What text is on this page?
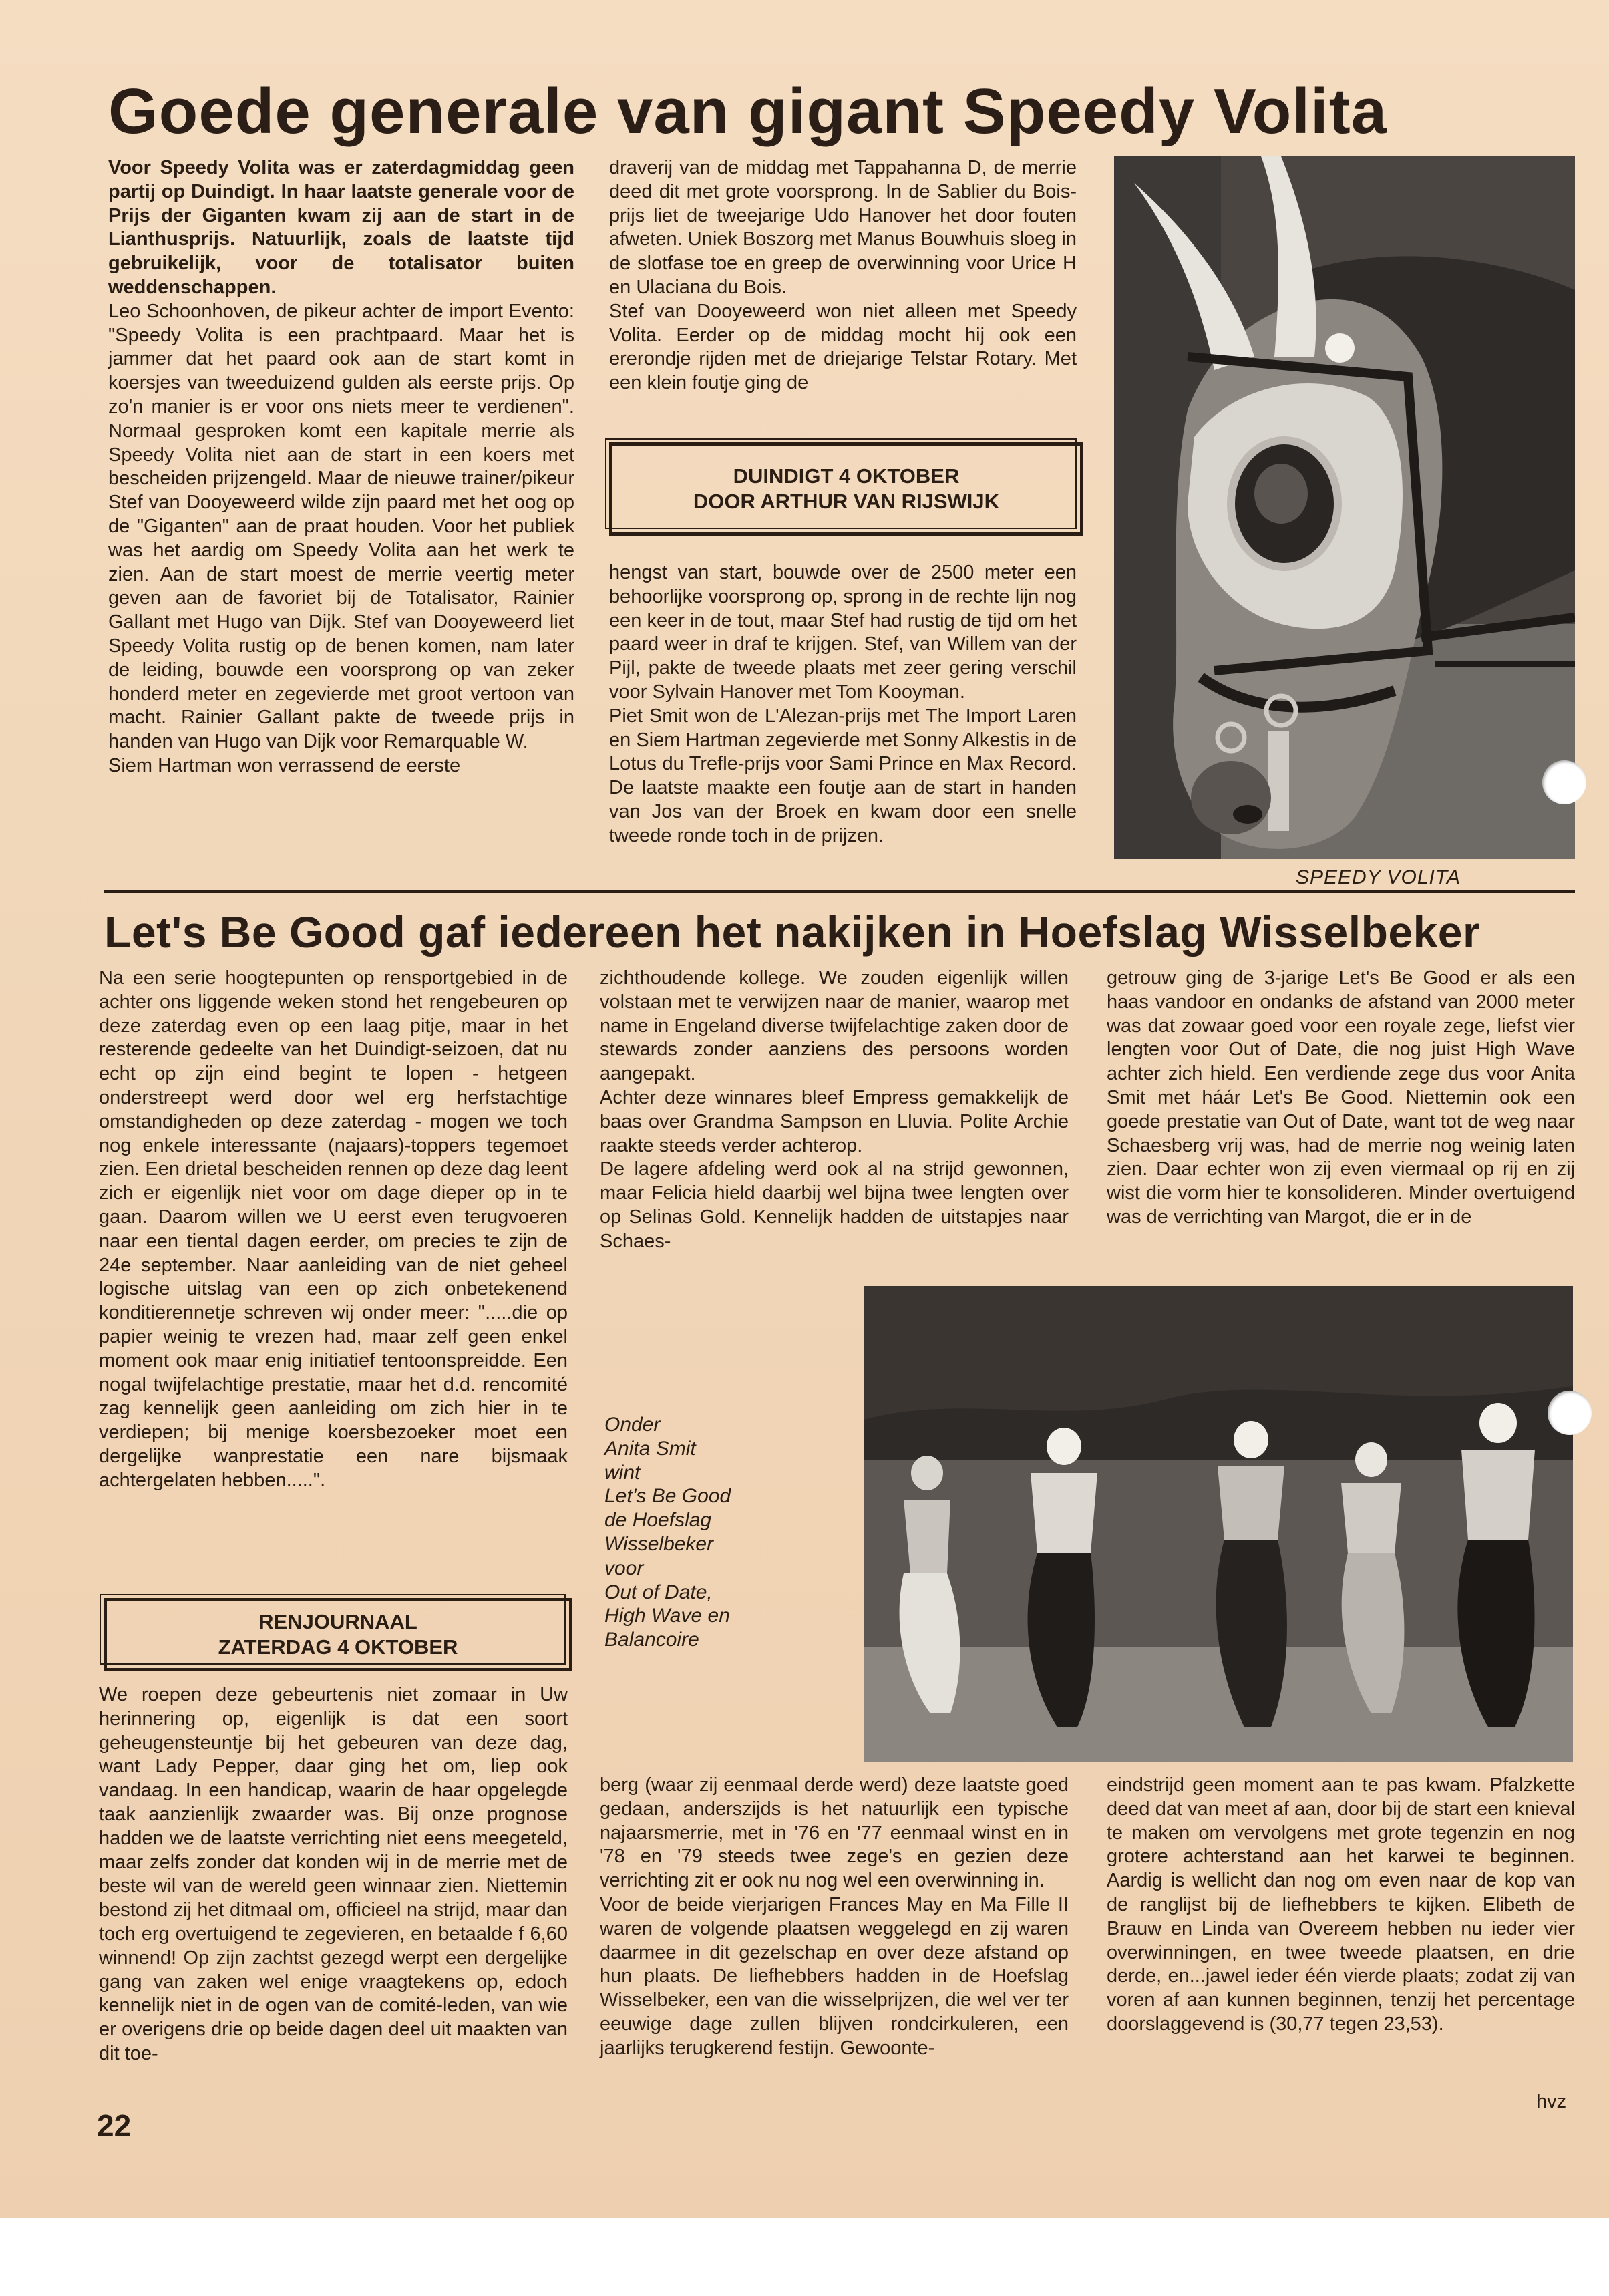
Goede generale van gigant Speedy Volita

Voor Speedy Volita was er zaterdagmiddag geen partij op Duindigt. In haar laatste generale voor de Prijs der Giganten kwam zij aan de start in de Lianthusprijs. Natuurlijk, zoals de laatste tijd gebruikelijk, voor de totalisator buiten weddenschappen.

Leo Schoonhoven, de pikeur achter de import Evento: "Speedy Volita is een prachtpaard. Maar het is jammer dat het paard ook aan de start komt in koersjes van tweeduizend gulden als eerste prijs. Op zo'n manier is er voor ons niets meer te verdienen". Normaal gesproken komt een kapitale merrie als Speedy Volita niet aan de start in een koers met bescheiden prijzengeld. Maar de nieuwe trainer/pikeur Stef van Dooyeweerd wilde zijn paard met het oog op de "Giganten" aan de praat houden. Voor het publiek was het aardig om Speedy Volita aan het werk te zien. Aan de start moest de merrie veertig meter geven aan de favoriet bij de Totalisator, Rainier Gallant met Hugo van Dijk. Stef van Dooyeweerd liet Speedy Volita rustig op de benen komen, nam later de leiding, bouwde een voorsprong op van zeker honderd meter en zegevierde met groot vertoon van macht. Rainier Gallant pakte de tweede prijs in handen van Hugo van Dijk voor Remarquable W.

Siem Hartman won verrassend de eerste

draverij van de middag met Tappahanna D, de merrie deed dit met grote voorsprong. In de Sablier du Bois-prijs liet de tweejarige Udo Hanover het door fouten afweten. Uniek Boszorg met Manus Bouwhuis sloeg in de slotfase toe en greep de overwinning voor Urice H en Ulaciana du Bois.

Stef van Dooyeweerd won niet alleen met Speedy Volita. Eerder op de middag mocht hij ook een ererondje rijden met de driejarige Telstar Rotary. Met een klein foutje ging de

DUINDIGT 4 OKTOBER
DOOR ARTHUR VAN RIJSWIJK

hengst van start, bouwde over de 2500 meter een behoorlijke voorsprong op, sprong in de rechte lijn nog een keer in de tout, maar Stef had rustig de tijd om het paard weer in draf te krijgen. Stef, van Willem van der Pijl, pakte de tweede plaats met zeer gering verschil voor Sylvain Hanover met Tom Kooyman.

Piet Smit won de L'Alezan-prijs met The Import Laren en Siem Hartman zegevierde met Sonny Alkestis in de Lotus du Trefle-prijs voor Sami Prince en Max Record. De laatste maakte een foutje aan de start in handen van Jos van der Broek en kwam door een snelle tweede ronde toch in de prijzen.

SPEEDY VOLITA
Let's Be Good gaf iedereen het nakijken in Hoefslag Wisselbeker

Na een serie hoogtepunten op rensportgebied in de achter ons liggende weken stond het rengebeuren op deze zaterdag even op een laag pitje, maar in het resterende gedeelte van het Duindigt-seizoen, dat nu echt op zijn eind begint te lopen - hetgeen onderstreept werd door wel erg herfstachtige omstandigheden op deze zaterdag - mogen we toch nog enkele interessante (najaars)-toppers tegemoet zien. Een drietal bescheiden rennen op deze dag leent zich er eigenlijk niet voor om dage dieper op in te gaan. Daarom willen we U eerst even terugvoeren naar een tiental dagen eerder, om precies te zijn de 24e september. Naar aanleiding van de niet geheel logische uitslag van een op zich onbetekenend konditierennetje schreven wij onder meer: ".....die op papier weinig te vrezen had, maar zelf geen enkel moment ook maar enig initiatief tentoonspreidde. Een nogal twijfelachtige prestatie, maar het d.d. rencomité zag kennelijk geen aanleiding om zich hier in te verdiepen; bij menige koersbezoeker moet een dergelijke wanprestatie een nare bijsmaak achtergelaten hebben.....".

RENJOURNAAL
ZATERDAG 4 OKTOBER

We roepen deze gebeurtenis niet zomaar in Uw herinnering op, eigenlijk is dat een soort geheugensteuntje bij het gebeuren van deze dag, want Lady Pepper, daar ging het om, liep ook vandaag. In een handicap, waarin de haar opgelegde taak aanzienlijk zwaarder was. Bij onze prognose hadden we de laatste verrichting niet eens meegeteld, maar zelfs zonder dat konden wij in de merrie met de beste wil van de wereld geen winnaar zien. Niettemin bestond zij het ditmaal om, officieel na strijd, maar dan toch erg overtuigend te zegevieren, en betaalde f 6,60 winnend! Op zijn zachtst gezegd werpt een dergelijke gang van zaken wel enige vraagtekens op, edoch kennelijk niet in de ogen van de comité-leden, van wie er overigens drie op beide dagen deel uit maakten van dit toe-

zichthoudende kollege. We zouden eigenlijk willen volstaan met te verwijzen naar de manier, waarop met name in Engeland diverse twijfelachtige zaken door de stewards zonder aanziens des persoons worden aangepakt.

Achter deze winnares bleef Empress gemakkelijk de baas over Grandma Sampson en Lluvia. Polite Archie raakte steeds verder achterop.

De lagere afdeling werd ook al na strijd gewonnen, maar Felicia hield daarbij wel bijna twee lengten over op Selinas Gold. Kennelijk hadden de uitstapjes naar Schaes-

getrouw ging de 3-jarige Let's Be Good er als een haas vandoor en ondanks de afstand van 2000 meter was dat zowaar goed voor een royale zege, liefst vier lengten voor Out of Date, die nog juist High Wave achter zich hield. Een verdiende zege dus voor Anita Smit met háár Let's Be Good. Niettemin ook een goede prestatie van Out of Date, want tot de weg naar Schaesberg vrij was, had de merrie nog weinig laten zien. Daar echter won zij even viermaal op rij en zij wist die vorm hier te konsolideren. Minder overtuigend was de verrichting van Margot, die er in de

Onder

Anita Smit

wint

Let's Be Good

de Hoefslag

Wisselbeker

voor

Out of Date,

High Wave en

Balancoire

berg (waar zij eenmaal derde werd) deze laatste goed gedaan, anderszijds is het natuurlijk een typische najaarsmerrie, met in '76 en '77 eenmaal winst en in '78 en '79 steeds twee zege's en gezien deze verrichting zit er ook nu nog wel een overwinning in.

Voor de beide vierjarigen Frances May en Ma Fille II waren de volgende plaatsen weggelegd en zij waren daarmee in dit gezelschap en over deze afstand op hun plaats. De liefhebbers hadden in de Hoefslag Wisselbeker, een van die wisselprijzen, die wel ver ter eeuwige dage zullen blijven rondcirkuleren, een jaarlijks terugkerend festijn. Gewoonte-

eindstrijd geen moment aan te pas kwam. Pfalzkette deed dat van meet af aan, door bij de start een knieval te maken om vervolgens met grote tegenzin en nog grotere achterstand aan het karwei te beginnen. Aardig is wellicht dan nog om even naar de kop van de ranglijst bij de liefhebbers te kijken. Elibeth de Brauw en Linda van Overeem hebben nu ieder vier overwinningen, en twee tweede plaatsen, en drie derde, en...jawel ieder één vierde plaats; zodat zij van voren af aan kunnen beginnen, tenzij het percentage doorslaggevend is (30,77 tegen 23,53).

hvz
22
